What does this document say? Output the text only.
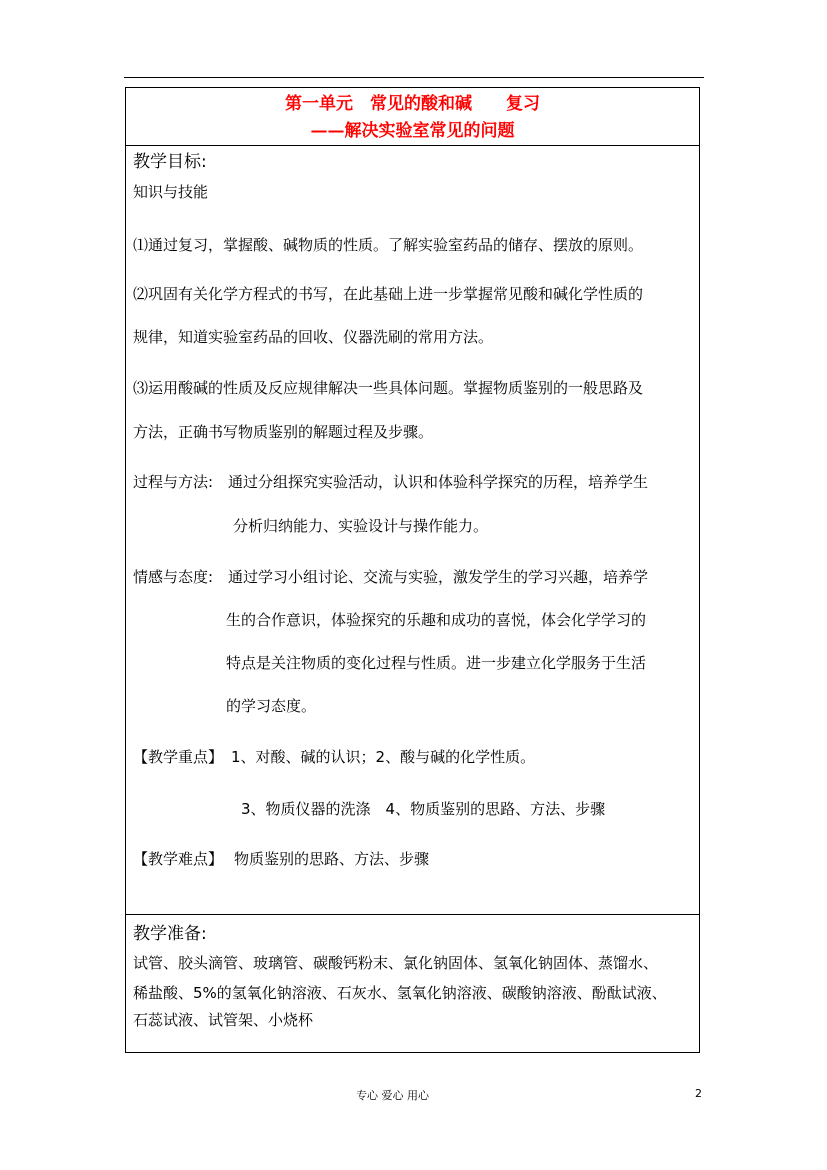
第一单元　常见的酸和碱　　复习
——解决实验室常见的问题
教学目标:
知识与技能
⑴通过复习，掌握酸、碱物质的性质。了解实验室药品的储存、摆放的原则。
⑵巩固有关化学方程式的书写，在此基础上进一步掌握常见酸和碱化学性质的
规律，知道实验室药品的回收、仪器洗刷的常用方法。
⑶运用酸碱的性质及反应规律解决一些具体问题。掌握物质鉴别的一般思路及
方法，正确书写物质鉴别的解题过程及步骤。
过程与方法: 通过分组探究实验活动，认识和体验科学探究的历程，培养学生
分析归纳能力、实验设计与操作能力。
情感与态度: 通过学习小组讨论、交流与实验，激发学生的学习兴趣，培养学
生的合作意识，体验探究的乐趣和成功的喜悦，体会化学学习的
特点是关注物质的变化过程与性质。进一步建立化学服务于生活
的学习态度。
【教学重点】 1、对酸、碱的认识；2、酸与碱的化学性质。
3、物质仪器的洗涤　4、物质鉴别的思路、方法、步骤
【教学难点】 物质鉴别的思路、方法、步骤
教学准备:
试管、胶头滴管、玻璃管、碳酸钙粉末、氯化钠固体、氢氧化钠固体、蒸馏水、
稀盐酸、5%的氢氧化钠溶液、石灰水、氢氧化钠溶液、碳酸钠溶液、酚酞试液、
石蕊试液、试管架、小烧杯
专心 爱心 用心	2
